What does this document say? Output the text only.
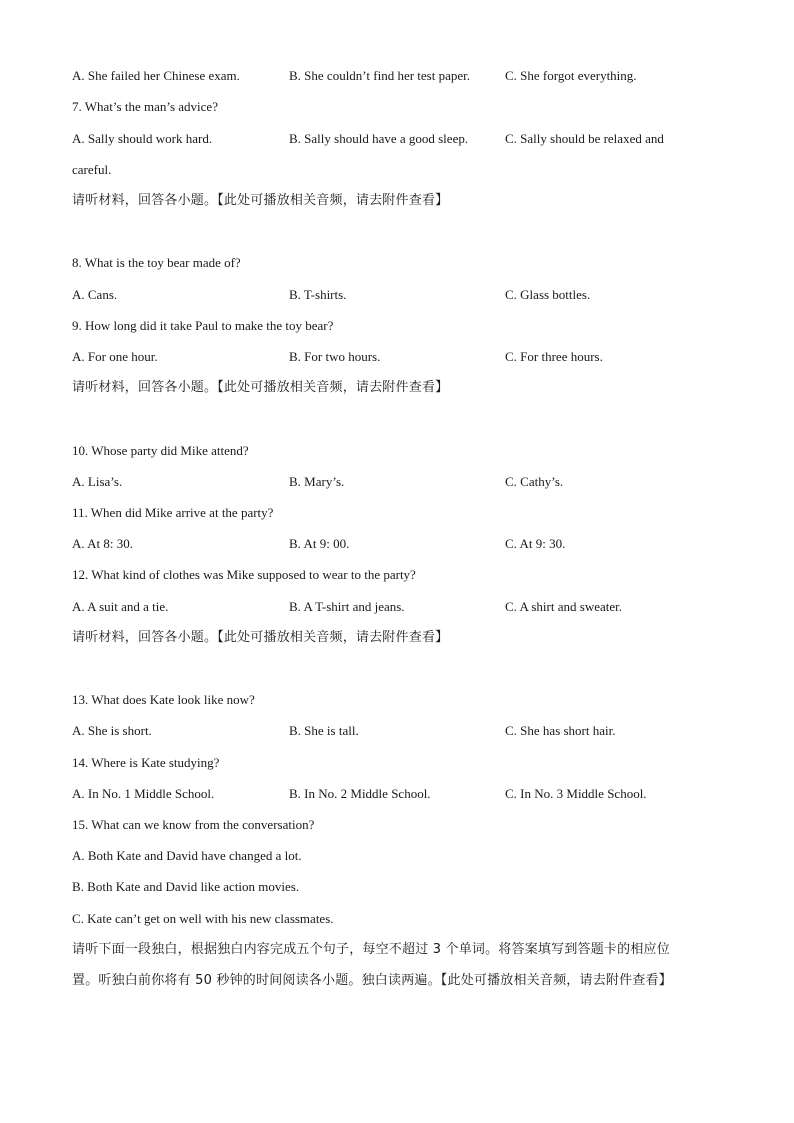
A. She failed her Chinese exam.	B. She couldn’t find her test paper.	C. She forgot everything.
7. What’s the man’s advice?
A. Sally should work hard.	B. Sally should have a good sleep.	C. Sally should be relaxed and
careful.
请听材料，回答各小题。【此处可播放相关音频，请去附件查看】
8. What is the toy bear made of?
A. Cans.	B. T-shirts.	C. Glass bottles.
9. How long did it take Paul to make the toy bear?
A. For one hour.	B. For two hours.	C. For three hours.
请听材料，回答各小题。【此处可播放相关音频，请去附件查看】
10. Whose party did Mike attend?
A. Lisa’s.	B. Mary’s.	C. Cathy’s.
11. When did Mike arrive at the party?
A. At 8: 30.	B. At 9: 00.	C. At 9: 30.
12. What kind of clothes was Mike supposed to wear to the party?
A. A suit and a tie.	B. A T-shirt and jeans.	C. A shirt and sweater.
请听材料，回答各小题。【此处可播放相关音频，请去附件查看】
13. What does Kate look like now?
A. She is short.	B. She is tall.	C. She has short hair.
14. Where is Kate studying?
A. In No. 1 Middle School.	B. In No. 2 Middle School.	C. In No. 3 Middle School.
15. What can we know from the conversation?
A. Both Kate and David have changed a lot.
B. Both Kate and David like action movies.
C. Kate can’t get on well with his new classmates.
请听下面一段独白，根据独白内容完成五个句子，每空不超过 3 个单词。将答案填写到答题卡的相应位
置。听独白前你将有 50 秒钟的时间阅读各小题。独白读两遍。【此处可播放相关音频，请去附件查看】
